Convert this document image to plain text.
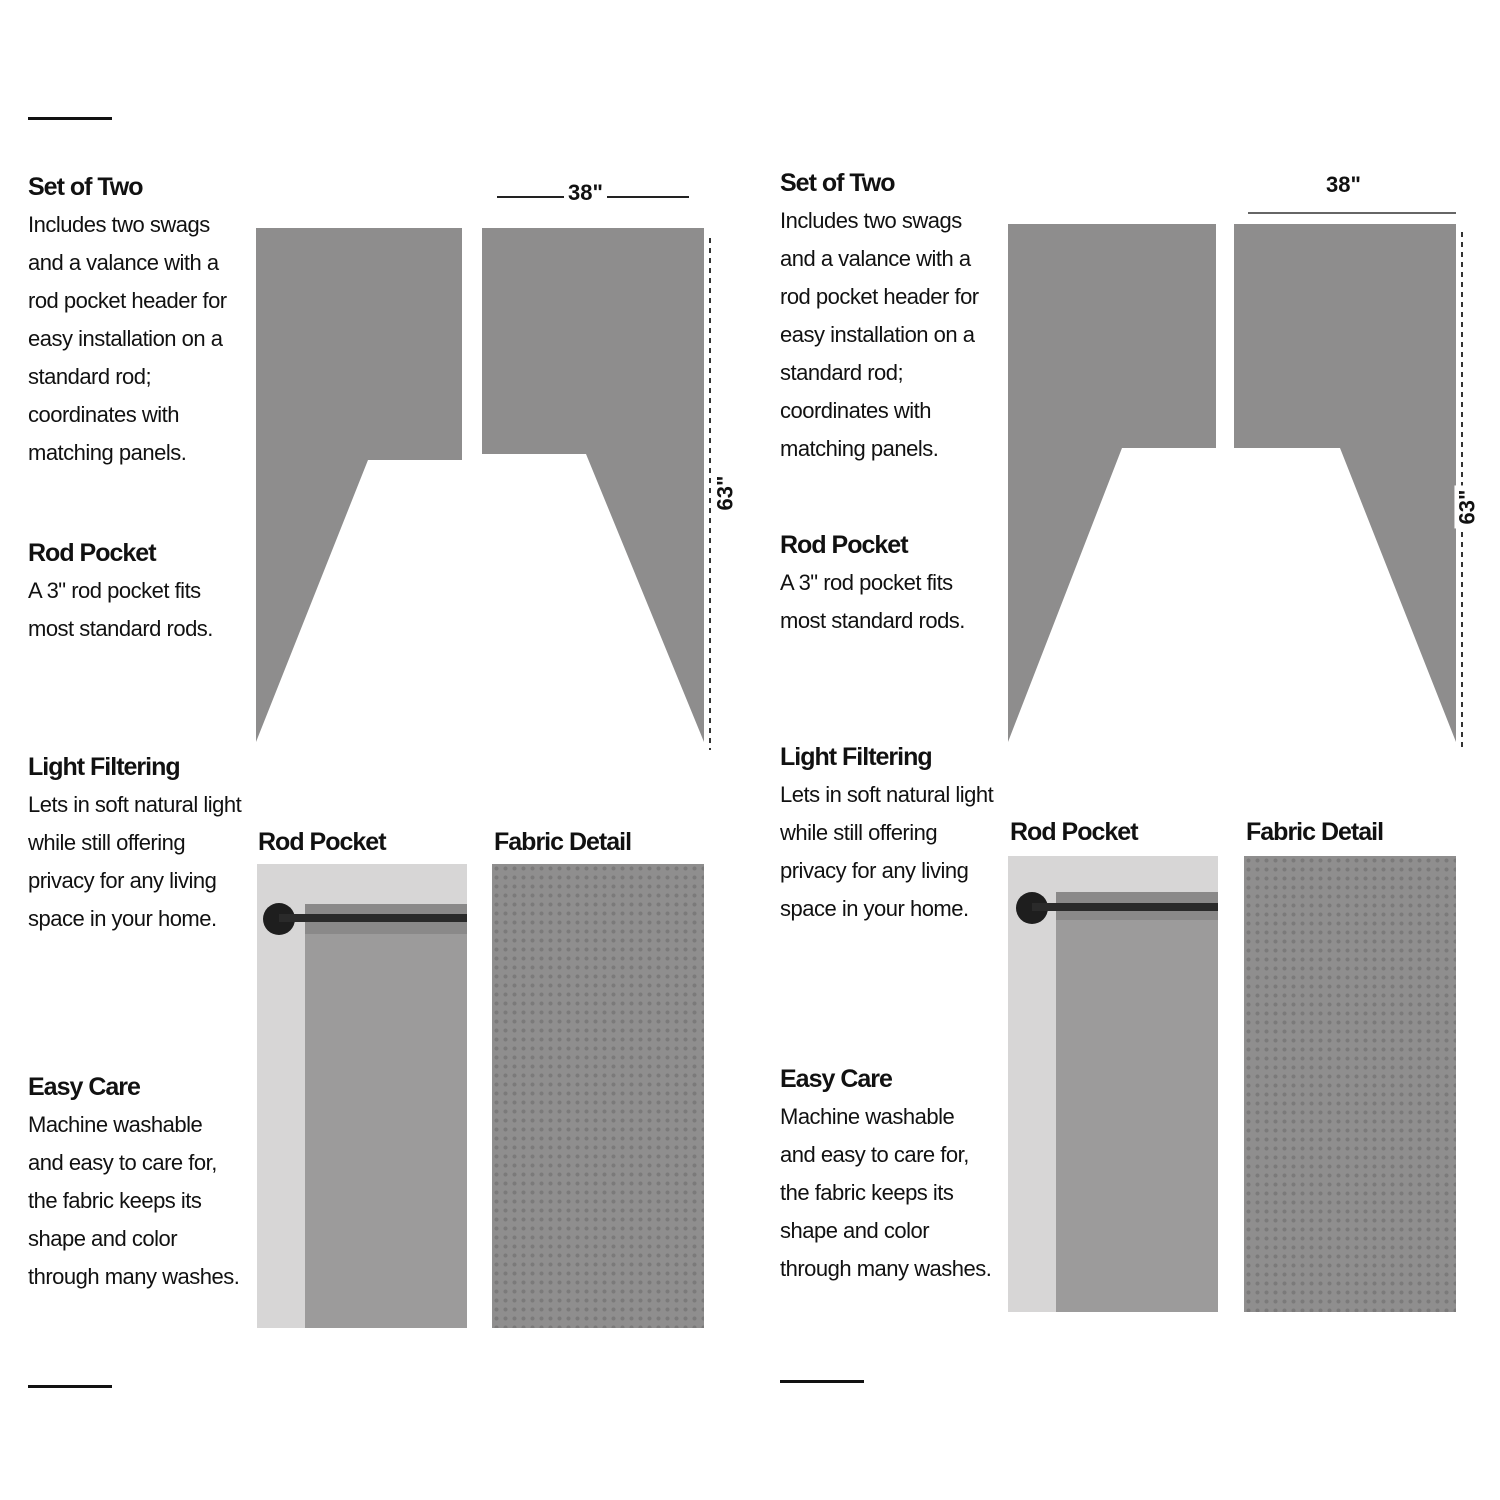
Set of Two

Includes two swags and a valance with a rod pocket header for easy installation on a standard rod; coordinates with matching panels.

Rod Pocket

A 3" rod pocket fits most standard rods.

Light Filtering

Lets in soft natural light while still offering privacy for any living space in your home.

Easy Care

Machine washable and easy to care for, the fabric keeps its shape and color through many washes.

38"
63"
Rod Pocket	Fabric Detail
Set of Two

Includes two swags and a valance with a rod pocket header for easy installation on a standard rod; coordinates with matching panels.

Rod Pocket

A 3" rod pocket fits most standard rods.

Light Filtering

Lets in soft natural light while still offering privacy for any living space in your home.

Easy Care

Machine washable and easy to care for, the fabric keeps its shape and color through many washes.

38"
63"
Rod Pocket	Fabric Detail
